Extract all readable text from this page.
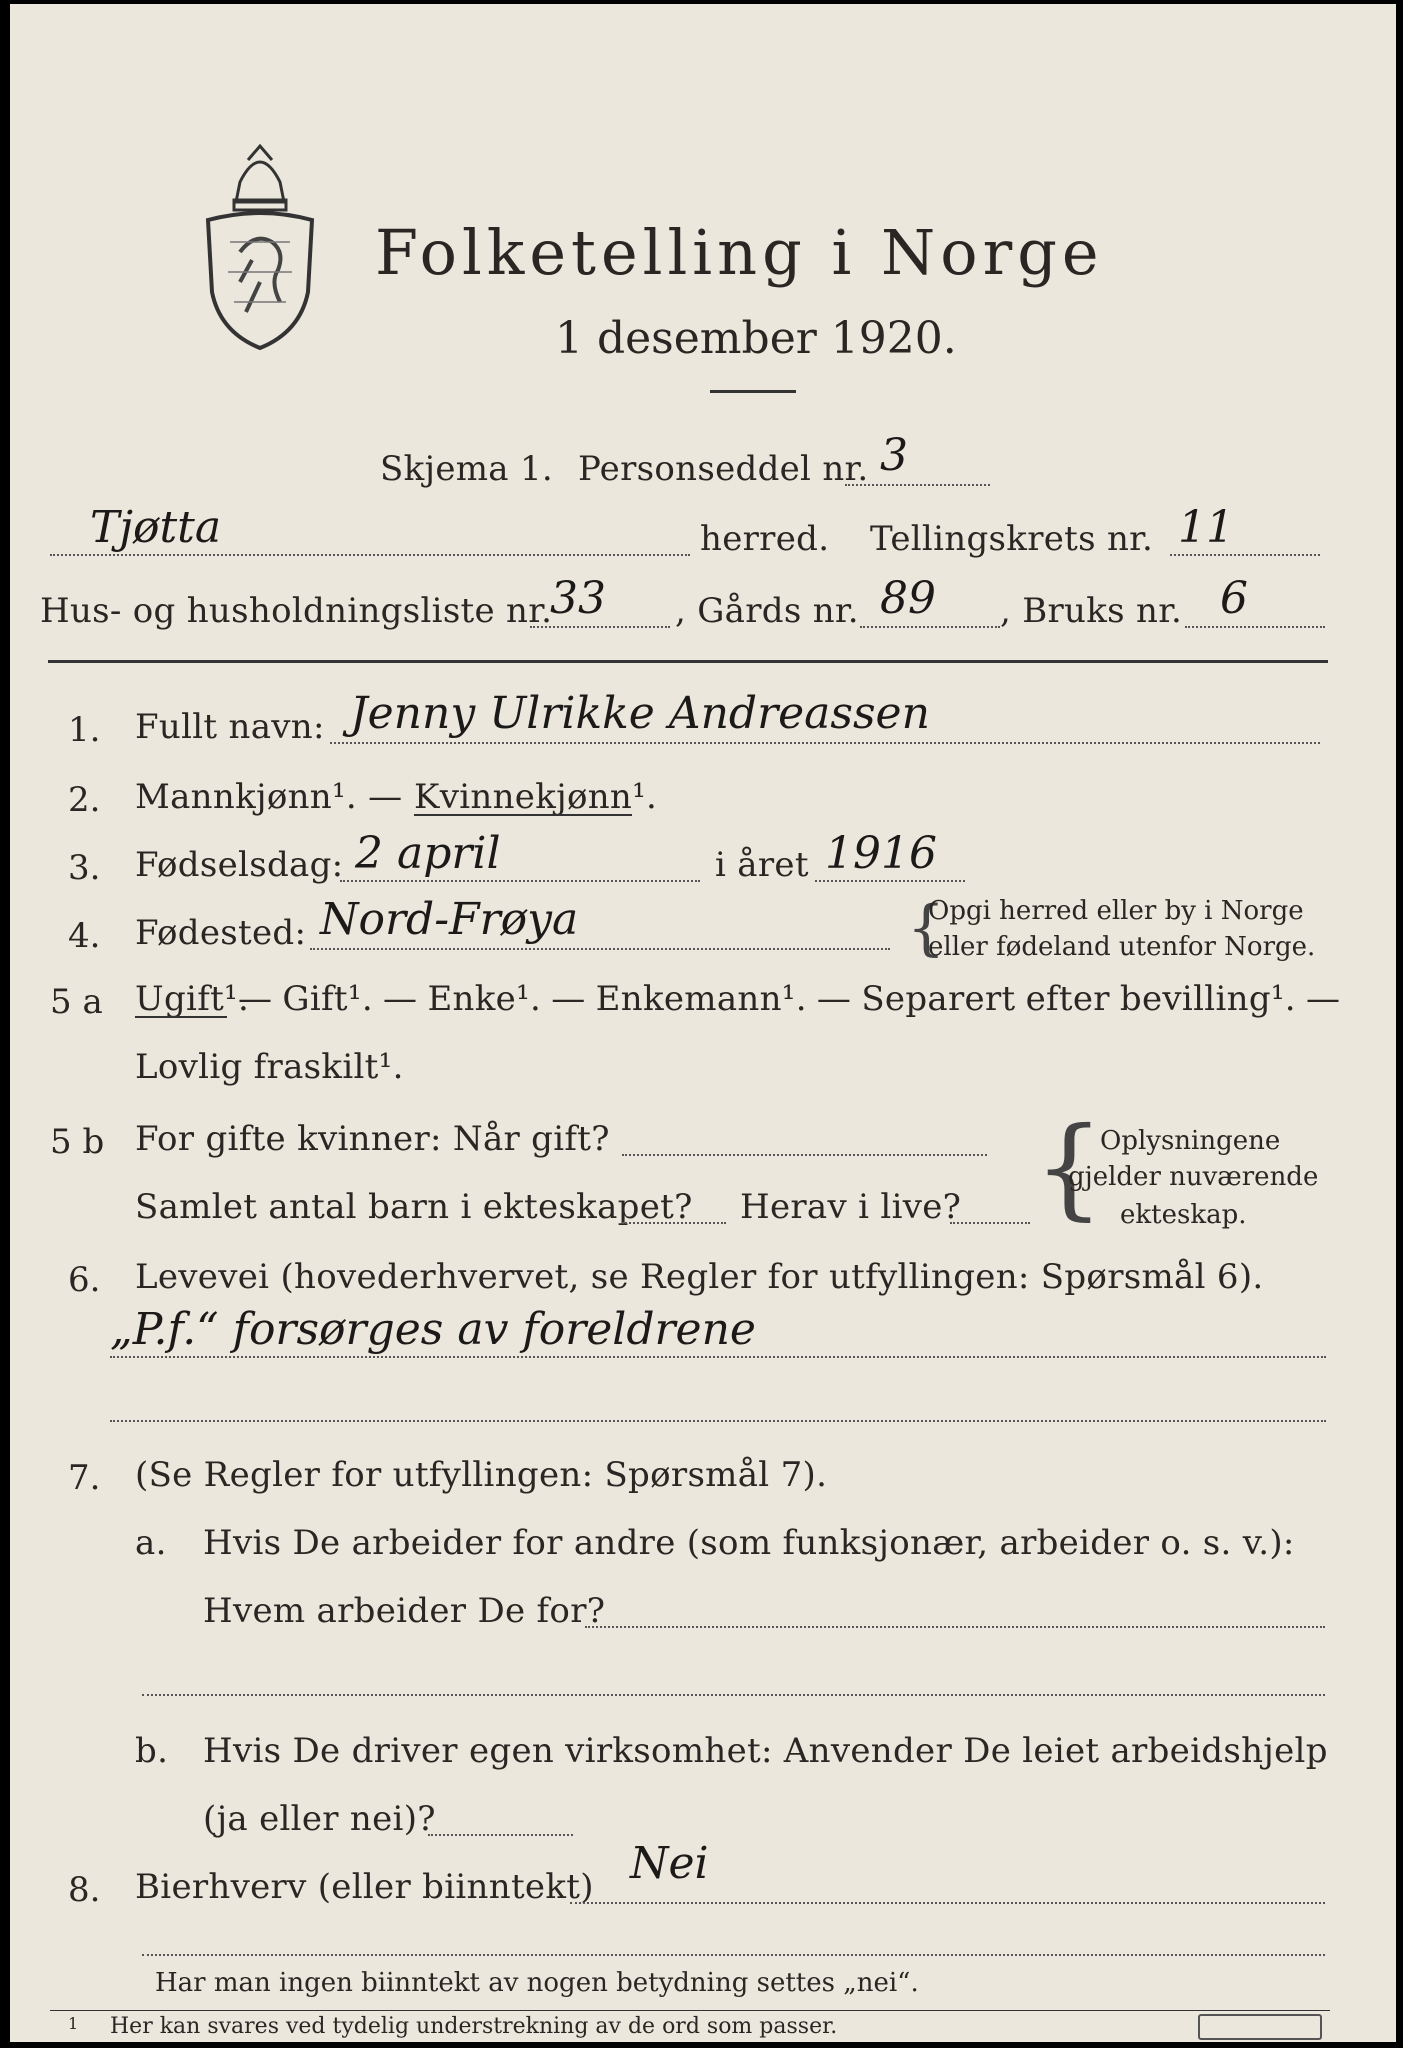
Folketelling i Norge
1 desember 1920.
Skjema 1. Personseddel nr. 3
Tjøtta	herred. Tellingskrets nr. 11
Hus- og husholdningsliste nr.
33 , Gårds nr. 89 , Bruks nr. 6
1. Fullt navn: Jenny Ulrikke Andreassen
2. Mannkjønn¹. — Kvinnekjønn¹.
3. Fødselsdag: 2 april	i året 1916
4. Fødested: Nord-Frøya	{
Opgi herred eller by i Norge
eller fødeland utenfor Norge.
5 a Ugift¹.
— Gift¹. — Enke¹. — Enkemann¹. — Separert efter bevilling¹. —
Lovlig fraskilt¹.
5 b For gifte kvinner: Når gift?
Samlet antal barn i ekteskapet? Herav i live? {
Oplysningene
gjelder nuværende
ekteskap.
6. Levevei (hovederhvervet, se Regler for utfyllingen: Spørsmål 6).
„P.f.“ forsørges av foreldrene
7. (Se Regler for utfyllingen: Spørsmål 7).
a. Hvis De arbeider for andre (som funksjonær, arbeider o. s. v.):
Hvem arbeider De for?
b. Hvis De driver egen virksomhet: Anvender De leiet arbeidshjelp
(ja eller nei)?
8. Bierhverv (eller biinntekt) Nei
Har man ingen biinntekt av nogen betydning settes „nei“.
1 Her kan svares ved tydelig understrekning av de ord som passer.
